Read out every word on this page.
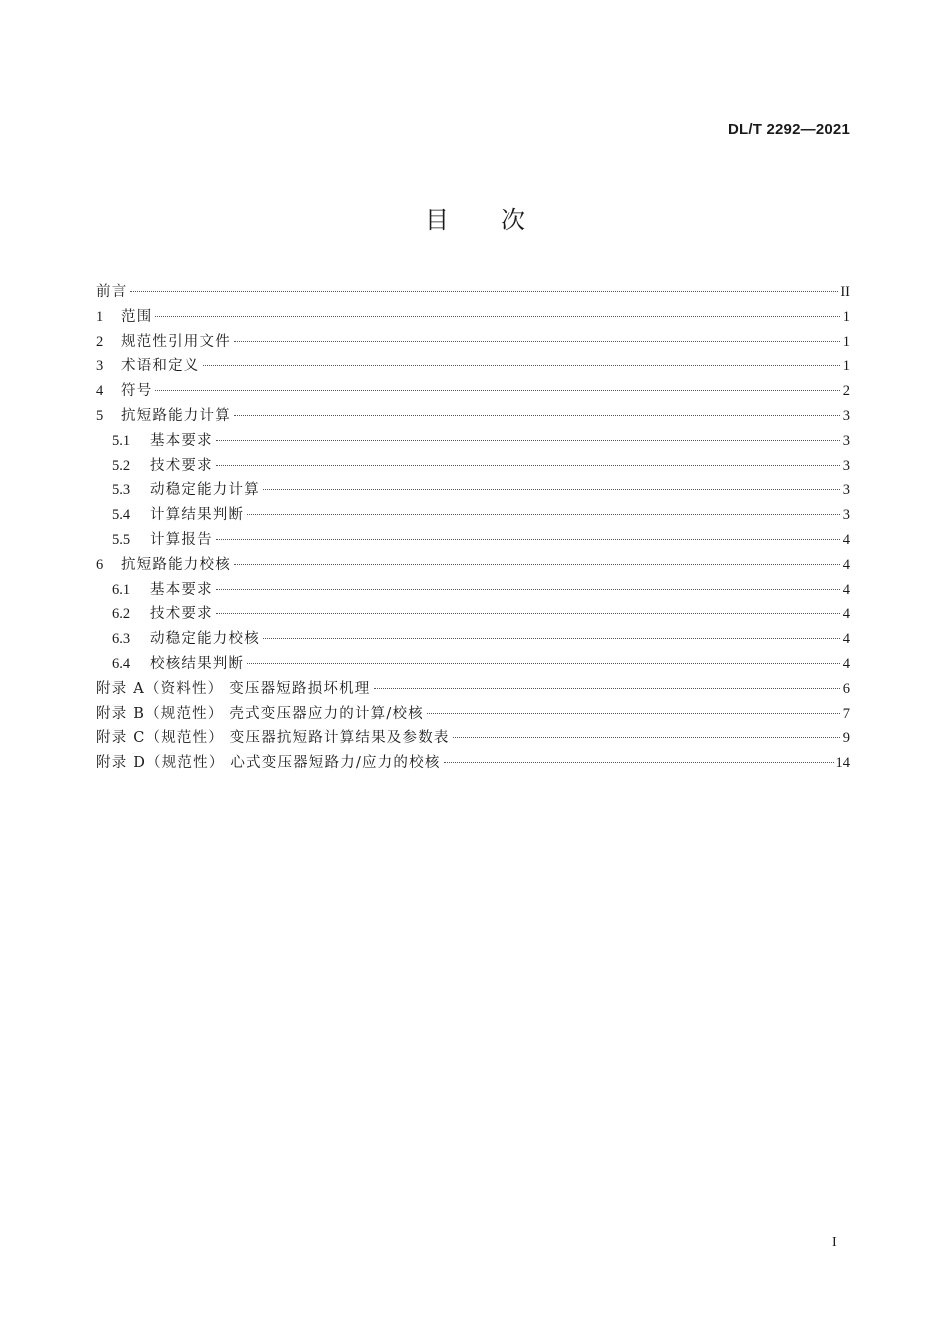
DL/T 2292—2021
目次
前言	II
1	范围	1
2	规范性引用文件	1
3	术语和定义	1
4	符号	2
5	抗短路能力计算	3
5.1	基本要求	3
5.2	技术要求	3
5.3	动稳定能力计算	3
5.4	计算结果判断	3
5.5	计算报告	4
6	抗短路能力校核	4
6.1	基本要求	4
6.2	技术要求	4
6.3	动稳定能力校核	4
6.4	校核结果判断	4
附录 A（资料性） 变压器短路损坏机理	6
附录 B（规范性） 壳式变压器应力的计算/校核	7
附录 C（规范性） 变压器抗短路计算结果及参数表	9
附录 D（规范性） 心式变压器短路力/应力的校核	14
I
